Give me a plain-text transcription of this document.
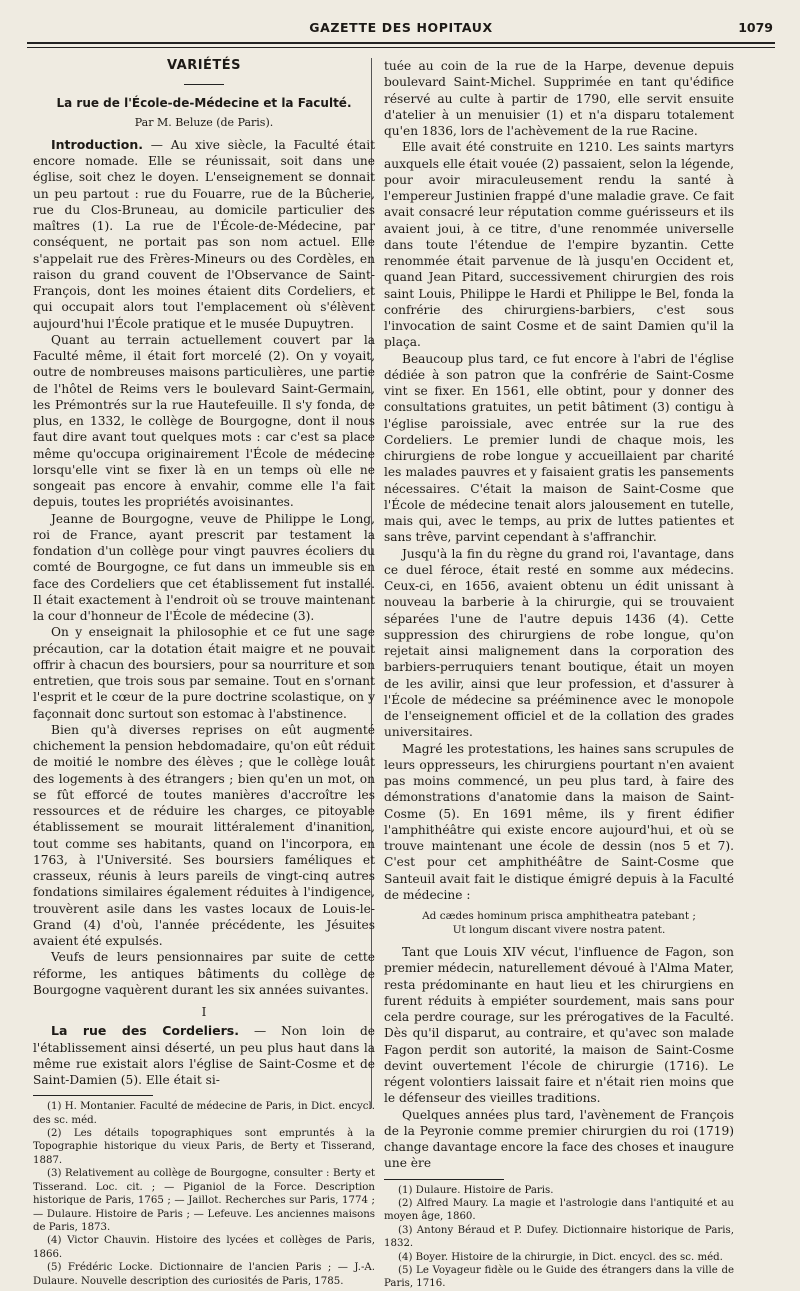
GAZETTE DES HOPITAUX	1079
VARIÉTÉS
La rue de l'École-de-Médecine et la Faculté.
Par M. Beluze (de Paris).

Introduction. — Au xive siècle, la Faculté était encore nomade. Elle se réunissait, soit dans une église, soit chez le doyen. L'enseignement se donnait un peu partout : rue du Fouarre, rue de la Bûcherie, rue du Clos-Bruneau, au domicile particulier des maîtres (1). La rue de l'École-de-Médecine, par conséquent, ne portait pas son nom actuel. Elle s'appelait rue des Frères-Mineurs ou des Cordèles, en raison du grand couvent de l'Observance de Saint-François, dont les moines étaient dits Cordeliers, et qui occupait alors tout l'emplacement où s'élèvent aujourd'hui l'École pratique et le musée Dupuytren.

Quant au terrain actuellement couvert par la Faculté même, il était fort morcelé (2). On y voyait, outre de nombreuses maisons particulières, une partie de l'hôtel de Reims vers le boulevard Saint-Germain, les Prémontrés sur la rue Hautefeuille. Il s'y fonda, de plus, en 1332, le collège de Bourgogne, dont il nous faut dire avant tout quelques mots : car c'est sa place même qu'occupa originairement l'École de médecine lorsqu'elle vint se fixer là en un temps où elle ne songeait pas encore à envahir, comme elle l'a fait depuis, toutes les propriétés avoisinantes.

Jeanne de Bourgogne, veuve de Philippe le Long, roi de France, ayant prescrit par testament la fondation d'un collège pour vingt pauvres écoliers du comté de Bourgogne, ce fut dans un immeuble sis en face des Cordeliers que cet établissement fut installé. Il était exactement à l'endroit où se trouve maintenant la cour d'honneur de l'École de médecine (3).

On y enseignait la philosophie et ce fut une sage précaution, car la dotation était maigre et ne pouvait offrir à chacun des boursiers, pour sa nourriture et son entretien, que trois sous par semaine. Tout en s'ornant l'esprit et le cœur de la pure doctrine scolastique, on y façonnait donc surtout son estomac à l'abstinence.

Bien qu'à diverses reprises on eût augmenté chichement la pension hebdomadaire, qu'on eût réduit de moitié le nombre des élèves ; que le collège louât des logements à des étrangers ; bien qu'en un mot, on se fût efforcé de toutes manières d'accroître les ressources et de réduire les charges, ce pitoyable établissement se mourait littéralement d'inanition, tout comme ses habitants, quand on l'incorpora, en 1763, à l'Université. Ses boursiers faméliques et crasseux, réunis à leurs pareils de vingt-cinq autres fondations similaires également réduites à l'indigence, trouvèrent asile dans les vastes locaux de Louis-le-Grand (4) d'où, l'année précédente, les Jésuites avaient été expulsés.

Veufs de leurs pensionnaires par suite de cette réforme, les antiques bâtiments du collège de Bourgogne vaquèrent durant les six années suivantes.

I

La rue des Cordeliers. — Non loin de l'établissement ainsi déserté, un peu plus haut dans la même rue existait alors l'église de Saint-Cosme et de Saint-Damien (5). Elle était si-

(1) H. Montanier. Faculté de médecine de Paris, in Dict. encycl. des sc. méd.

(2) Les détails topographiques sont empruntés à la Topographie historique du vieux Paris, de Berty et Tisserand, 1887.

(3) Relativement au collège de Bourgogne, consulter : Berty et Tisserand. Loc. cit. ; — Piganiol de la Force. Description historique de Paris, 1765 ; — Jaillot. Recherches sur Paris, 1774 ; — Dulaure. Histoire de Paris ; — Lefeuve. Les anciennes maisons de Paris, 1873.

(4) Victor Chauvin. Histoire des lycées et collèges de Paris, 1866.

(5) Frédéric Locke. Dictionnaire de l'ancien Paris ; — J.-A. Dulaure. Nouvelle description des curiosités de Paris, 1785.

tuée au coin de la rue de la Harpe, devenue depuis boulevard Saint-Michel. Supprimée en tant qu'édifice réservé au culte à partir de 1790, elle servit ensuite d'atelier à un menuisier (1) et n'a disparu totalement qu'en 1836, lors de l'achèvement de la rue Racine.

Elle avait été construite en 1210. Les saints martyrs auxquels elle était vouée (2) passaient, selon la légende, pour avoir miraculeusement rendu la santé à l'empereur Justinien frappé d'une maladie grave. Ce fait avait consacré leur réputation comme guérisseurs et ils avaient joui, à ce titre, d'une renommée universelle dans toute l'étendue de l'empire byzantin. Cette renommée était parvenue de là jusqu'en Occident et, quand Jean Pitard, successivement chirurgien des rois saint Louis, Philippe le Hardi et Philippe le Bel, fonda la confrérie des chirurgiens-barbiers, c'est sous l'invocation de saint Cosme et de saint Damien qu'il la plaça.

Beaucoup plus tard, ce fut encore à l'abri de l'église dédiée à son patron que la confrérie de Saint-Cosme vint se fixer. En 1561, elle obtint, pour y donner des consultations gratuites, un petit bâtiment (3) contigu à l'église paroissiale, avec entrée sur la rue des Cordeliers. Le premier lundi de chaque mois, les chirurgiens de robe longue y accueillaient par charité les malades pauvres et y faisaient gratis les pansements nécessaires. C'était la maison de Saint-Cosme que l'École de médecine tenait alors jalousement en tutelle, mais qui, avec le temps, au prix de luttes patientes et sans trêve, parvint cependant à s'affranchir.

Jusqu'à la fin du règne du grand roi, l'avantage, dans ce duel féroce, était resté en somme aux médecins. Ceux-ci, en 1656, avaient obtenu un édit unissant à nouveau la barberie à la chirurgie, qui se trouvaient séparées l'une de l'autre depuis 1436 (4). Cette suppression des chirurgiens de robe longue, qu'on rejetait ainsi malignement dans la corporation des barbiers-perruquiers tenant boutique, était un moyen de les avilir, ainsi que leur profession, et d'assurer à l'École de médecine sa prééminence avec le monopole de l'enseignement officiel et de la collation des grades universitaires.

Magré les protestations, les haines sans scrupules de leurs oppresseurs, les chirurgiens pourtant n'en avaient pas moins commencé, un peu plus tard, à faire des démonstrations d'anatomie dans la maison de Saint-Cosme (5). En 1691 même, ils y firent édifier l'amphithéâtre qui existe encore aujourd'hui, et où se trouve maintenant une école de dessin (nos 5 et 7). C'est pour cet amphithéâtre de Saint-Cosme que Santeuil avait fait le distique émigré depuis à la Faculté de médecine :

Ad cædes hominum prisca amphitheatra patebant ;
Ut longum discant vivere nostra patent.

Tant que Louis XIV vécut, l'influence de Fagon, son premier médecin, naturellement dévoué à l'Alma Mater, resta prédominante en haut lieu et les chirurgiens en furent réduits à empiéter sourdement, mais sans pour cela perdre courage, sur les prérogatives de la Faculté. Dès qu'il disparut, au contraire, et qu'avec son malade Fagon perdit son autorité, la maison de Saint-Cosme devint ouvertement l'école de chirurgie (1716). Le régent volontiers laissait faire et n'était rien moins que le défenseur des vieilles traditions.

Quelques années plus tard, l'avènement de François de la Peyronie comme premier chirurgien du roi (1719) change davantage encore la face des choses et inaugure une ère

(1) Dulaure. Histoire de Paris.

(2) Alfred Maury. La magie et l'astrologie dans l'antiquité et au moyen âge, 1860.

(3) Antony Béraud et P. Dufey. Dictionnaire historique de Paris, 1832.

(4) Boyer. Histoire de la chirurgie, in Dict. encycl. des sc. méd.

(5) Le Voyageur fidèle ou le Guide des étrangers dans la ville de Paris, 1716.
